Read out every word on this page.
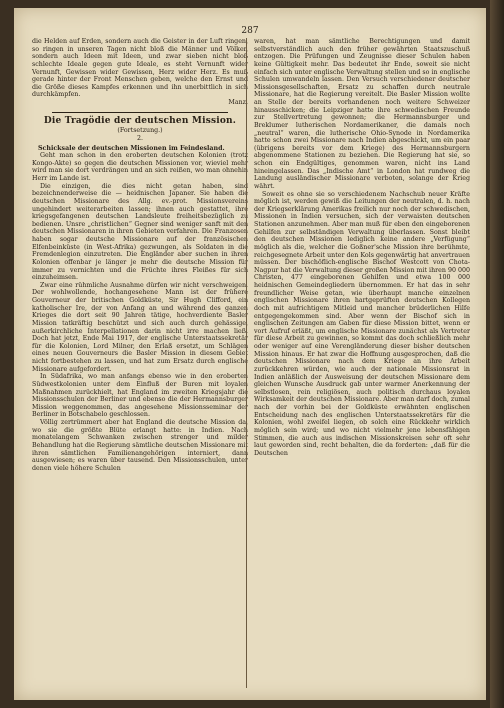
287

die Helden auf Erden, sondern auch die Geister in der Luft ringen, so ringen in unseren Tagen nicht bloß die Männer und Völker, sondern auch Ideen mit Ideen, und zwar sieben nicht bloß schlechte Ideale gegen gute Ideale, es steht Vernunft wider Vernunft, Gewissen wider Gewissen, Herz wider Herz. Es muß gerade hinter der Front Menschen geben, welche den Ernst und die Größe dieses Kampfes erkennen und ihn unerbittlich in sich durchkämpfen.

Manz.
Die Tragödie der deutschen Mission.
(Fortsetzung.)
2.
Schicksale der deutschen Missionen im Feindesland.

Geht man schon in den eroberten deutschen Kolonien (trotz Kongo-Akte) so gegen die deutschen Missionen vor, wieviel mehr wird man sie dort verdrängen und an sich reißen, wo man ohnehin Herr im Lande ist.

Die einzigen, die dies nicht getan haben, sind bezeichnenderweise die — heidnischen Japaner. Sie haben die deutschen Missionare des Allg. ev.-prot. Missionsvereins ungehindert weiterarbeiten lassen; ihnen auch gestattet, ihre kriegsgefangenen deutschen Landsleute freiheitsbezüglich zu bedienen. Unsre „christlichen“ Gegner sind weniger sanft mit den deutschen Missionaren in ihren Gebieten verfahren. Die Franzosen haben sogar deutsche Missionare auf der französischen Elfenbeinküste (in West-Afrika) gezwungen, als Soldaten in die Fremdenlegion einzutreten. Die Engländer aber suchen in ihren Kolonien offenbar je länger je mehr die deutsche Mission für immer zu vernichten und die Früchte ihres Fleißes für sich einzuheimsen.

Zwar eine rühmliche Ausnahme dürfen wir nicht verschweigen. Der wohlwollende, hochangesehene Mann ist der frühere Gouverneur der britischen Goldküste, Sir Hugh Clifford, ein katholischer Ire, der von Anfang an und während des ganzen Krieges die dort seit 90 Jahren tätige, hochverdiente Basler Mission tatkräftig beschützt und sich auch durch gehässige, außerkirchliche Interpellationen darin nicht irre machen ließ. Doch hat jetzt, Ende Mai 1917, der englische Unterstaatssekretär für die Kolonien, Lord Milner, den Erlaß ersetzt, um Schlägen eines neuen Gouverneurs die Basler Mission in diesem Gebiet nicht fortbestehen zu lassen, und hat zum Ersatz durch englische Missionare aufgefordert.

In Südafrika, wo man anfangs ebenso wie in den eroberten Südwestkolonien unter dem Einfluß der Buren mit loyalen Maßnahmen zurückhielt, hat England im zweiten Kriegsjahr die Missionsschulen der Berliner und ebenso die der Hermannsburger Mission weggenommen, das angesehene Missionsseminar der Berliner in Botschabelo geschlossen.

Völlig zertrümmert aber hat England die deutsche Mission da, wo sie die größte Blüte erlangt hatte: in Indien. Nach monatelangem Schwanken zwischen strenger und milder Behandlung hat die Regierung sämtliche deutschen Missionare mit ihren sämtlichen Familienangehörigen interniert, dann ausgewiesen; es waren über tausend. Den Missionsschulen, unter denen viele höhere Schulen

waren, hat man sämtliche Berechtigungen und damit selbstverständlich auch den früher gewährten Staatszuschuß entzogen. Die Prüfungen und Zeugnisse dieser Schulen haben keine Gültigkeit mehr. Das bedeutet ihr Ende, soweit sie nicht einfach sich unter englische Verwaltung stellen und so in englische Schulen umwandeln lassen. Den Versuch verschiedener deutscher Missionsgesellschaften, Ersatz zu schaffen durch neutrale Missionare, hat die Regierung vereitelt. Die Basler Mission wollte an Stelle der bereits vorhandenen noch weitere Schweizer hinausschicken; die Leipziger hatte ihre schwedischen Freunde zur Stellvertretung gewonnen; die Hermannsburger und Breklumer lutherischen Nordamerikaner, die damals noch „neutral“ waren, die lutherische Ohio-Synode in Nordamerika hatte schon zwei Missionare nach Indien abgeschickt, um ein paar (übrigens bereits vor dem Kriege) des Hermannsburgern abgenommene Stationen zu beziehen. Die Regierung hat sie, so schon ein Endgültiges, genommen waren, nicht ins Land hineingelassen. Das „Indische Amt“ in London hat rundweg die Landung ausländischer Missionare verboten, solange der Krieg währt.

Soweit es ohne sie so verschiedenem Nachschub neuer Kräfte möglich ist, werden gewiß die Leitungen der neutralen, d. h. nach der Kriegserklärung Amerikas freilich nur noch der schwedischen, Missionen in Indien versuchen, sich der verwaisten deutschen Stationen anzunehmen. Aber man muß für eben den eingeborenen Gehilfen zur selbständigen Verwaltung überlassen. Sonst bleibt den deutschen Missionen lediglich keine andere „Verfügung“ möglich als die, welcher die Goßner'sche Mission ihre berühmte, reichgesegnete Arbeit unter den Kols gegenwärtig hat anvertrauen müssen. Der bischöflich-englische Bischof Westcott von Chota-Nagpur hat die Verwaltung dieser großen Mission mit ihren 90 000 Christen, 477 eingeborenen Gehilfen und etwa 100 000 heidnischen Gemeindegliedern übernommen. Er hat das in sehr freundlicher Weise getan, wie überhaupt manche einzelnen englischen Missionare ihren hartgeprüften deutschen Kollegen doch mit aufrichtigem Mitleid und mancher brüderlichen Hilfe entgegengekommen sind. Aber wenn der Bischof sich in englischen Zeitungen am Gaben für diese Mission bittet, wenn er vort Aufruf erläßt, um englische Missionare zunächst als Vertreter für diese Arbeit zu gewinnen, so kommt das doch schließlich mehr oder weniger auf eine Verengländerung dieser bisher deutschen Mission hinaus. Er hat zwar die Hoffnung ausgesprochen, daß die deutschen Missionare nach dem Kriege an ihre Arbeit zurückkehren würden, wie auch der nationale Missionsrat in Indien anläßlich der Ausweisung der deutschen Missionare dem gleichen Wunsche Ausdruck gab unter warmer Anerkennung der selbstlosen, rein religiösen, auch politisch durchaus loyalen Wirksamkeit der deutschen Missionare. Aber man darf doch, zumal nach der vorhin bei der Goldküste erwähnten englischen Entscheidung nach des englischen Unterstaatssekretärs für die Kolonien, wohl zweifel liegen, ob solch eine Rückkehr wirklich möglich sein wird; und wo nicht vielmehr jene lebensfähigen Stimmen, die auch aus indischen Missionskreisen sehr oft sehr laut geworden sind, recht behalten, die da forderten: „daß für die Deutschen
